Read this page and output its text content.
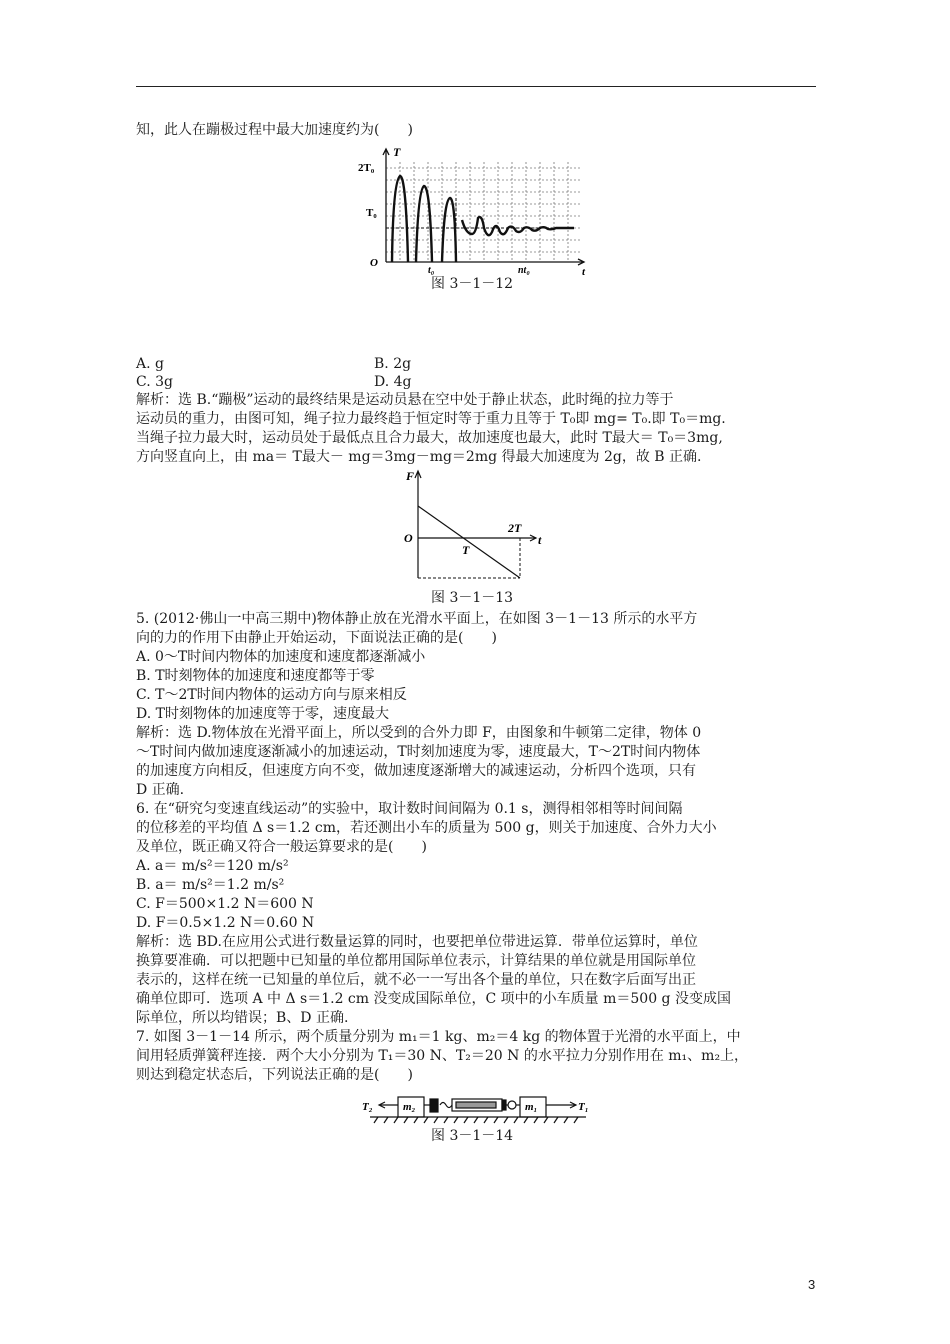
知，此人在蹦极过程中最大加速度约为(　　)
T
2T₀
T₀
O
t₀	nt₀	t
图 3－1－12
A. g	B. 2g
C. 3g	D. 4g
解析：选 B.“蹦极”运动的最终结果是运动员悬在空中处于静止状态，此时绳的拉力等于
运动员的重力，由图可知，绳子拉力最终趋于恒定时等于重力且等于 T₀即 mg= T₀.即 T₀＝mg.
当绳子拉力最大时，运动员处于最低点且合力最大，故加速度也最大，此时 T最大＝ T₀＝3mg,
方向竖直向上，由 ma＝ T最大－ mg＝3mg－mg＝2mg 得最大加速度为 2g，故 B 正确.
F
O
T
2T
t
图 3－1－13
5. (2012·佛山一中高三期中)物体静止放在光滑水平面上，在如图 3－1－13 所示的水平方
向的力的作用下由静止开始运动，下面说法正确的是(　　)
A. 0～T时间内物体的加速度和速度都逐渐减小
B. T时刻物体的加速度和速度都等于零
C. T～2T时间内物体的运动方向与原来相反
D. T时刻物体的加速度等于零，速度最大
解析：选 D.物体放在光滑平面上，所以受到的合外力即 F，由图象和牛顿第二定律，物体 0
～T时间内做加速度逐渐减小的加速运动，T时刻加速度为零，速度最大，T～2T时间内物体
的加速度方向相反，但速度方向不变，做加速度逐渐增大的减速运动，分析四个选项，只有
D 正确.
6. 在“研究匀变速直线运动”的实验中，取计数时间间隔为 0.1 s，测得相邻相等时间间隔
的位移差的平均值 Δ s＝1.2 cm，若还测出小车的质量为 500 g，则关于加速度、合外力大小
及单位，既正确又符合一般运算要求的是(　　)
A. a＝ m/s²＝120 m/s²
B. a＝ m/s²＝1.2 m/s²
C. F＝500×1.2 N＝600 N
D. F＝0.5×1.2 N＝0.60 N
解析：选 BD.在应用公式进行数量运算的同时，也要把单位带进运算．带单位运算时，单位
换算要准确．可以把题中已知量的单位都用国际单位表示，计算结果的单位就是用国际单位
表示的，这样在统一已知量的单位后，就不必一一写出各个量的单位，只在数字后面写出正
确单位即可．选项 A 中 Δ s＝1.2 cm 没变成国际单位，C 项中的小车质量 m＝500 g 没变成国
际单位，所以均错误；B、D 正确.
7. 如图 3－1－14 所示，两个质量分别为 m₁＝1 kg、m₂＝4 kg 的物体置于光滑的水平面上，中
间用轻质弹簧秤连接．两个大小分别为 T₁＝30 N、T₂＝20 N 的水平拉力分别作用在 m₁、m₂上，
则达到稳定状态后，下列说法正确的是(　　)
T₂	m₂	m₁	T₁
图 3－1－14
3
